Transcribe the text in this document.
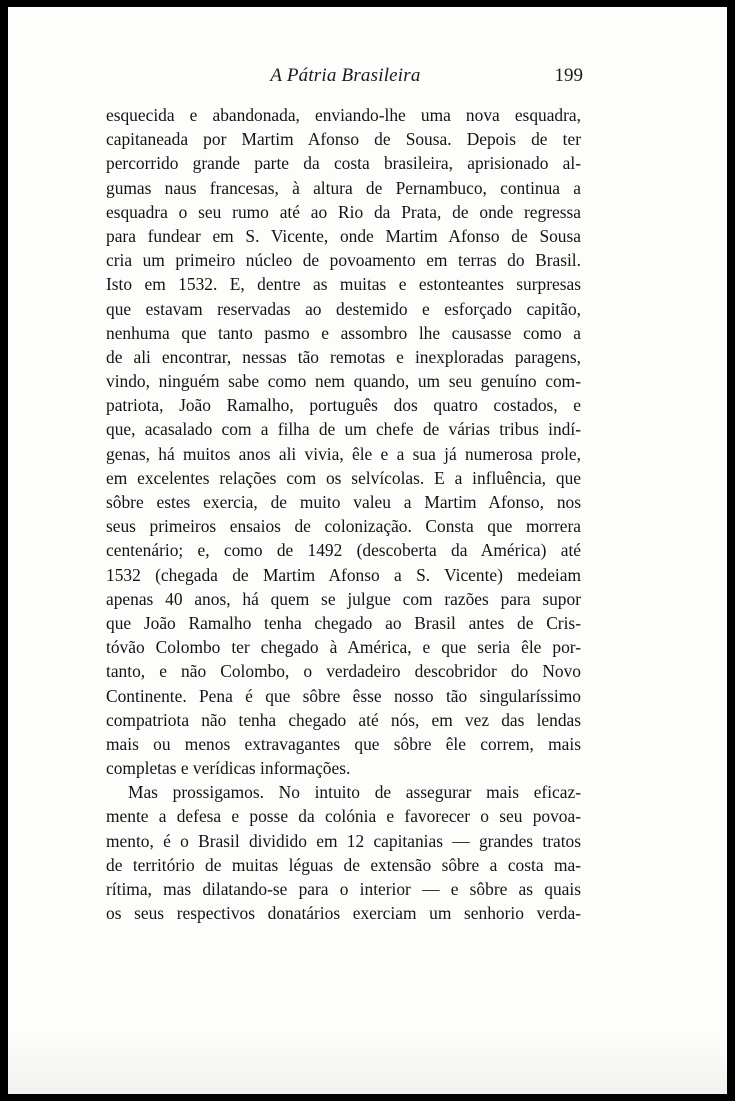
A Pátria Brasileira	199
esquecida e abandonada, enviando-lhe uma nova esquadra,
capitaneada por Martim Afonso de Sousa. Depois de ter
percorrido grande parte da costa brasileira, aprisionado al-
gumas naus francesas, à altura de Pernambuco, continua a
esquadra o seu rumo até ao Rio da Prata, de onde regressa
para fundear em S. Vicente, onde Martim Afonso de Sousa
cria um primeiro núcleo de povoamento em terras do Brasil.
Isto em 1532. E, dentre as muitas e estonteantes surpresas
que estavam reservadas ao destemido e esforçado capitão,
nenhuma que tanto pasmo e assombro lhe causasse como a
de ali encontrar, nessas tão remotas e inexploradas paragens,
vindo, ninguém sabe como nem quando, um seu genuíno com-
patriota, João Ramalho, português dos quatro costados, e
que, acasalado com a filha de um chefe de várias tribus indí-
genas, há muitos anos ali vivia, êle e a sua já numerosa prole,
em excelentes relações com os selvícolas. E a influência, que
sôbre estes exercia, de muito valeu a Martim Afonso, nos
seus primeiros ensaios de colonização. Consta que morrera
centenário; e, como de 1492 (descoberta da América) até
1532 (chegada de Martim Afonso a S. Vicente) medeiam
apenas 40 anos, há quem se julgue com razões para supor
que João Ramalho tenha chegado ao Brasil antes de Cris-
tóvão Colombo ter chegado à América, e que seria êle por-
tanto, e não Colombo, o verdadeiro descobridor do Novo
Continente. Pena é que sôbre êsse nosso tão singularíssimo
compatriota não tenha chegado até nós, em vez das lendas
mais ou menos extravagantes que sôbre êle correm, mais
completas e verídicas informações.
Mas prossigamos. No intuito de assegurar mais eficaz-
mente a defesa e posse da colónia e favorecer o seu povoa-
mento, é o Brasil dividido em 12 capitanias — grandes tratos
de território de muitas léguas de extensão sôbre a costa ma-
rítima, mas dilatando-se para o interior — e sôbre as quais
os seus respectivos donatários exerciam um senhorio verda-
